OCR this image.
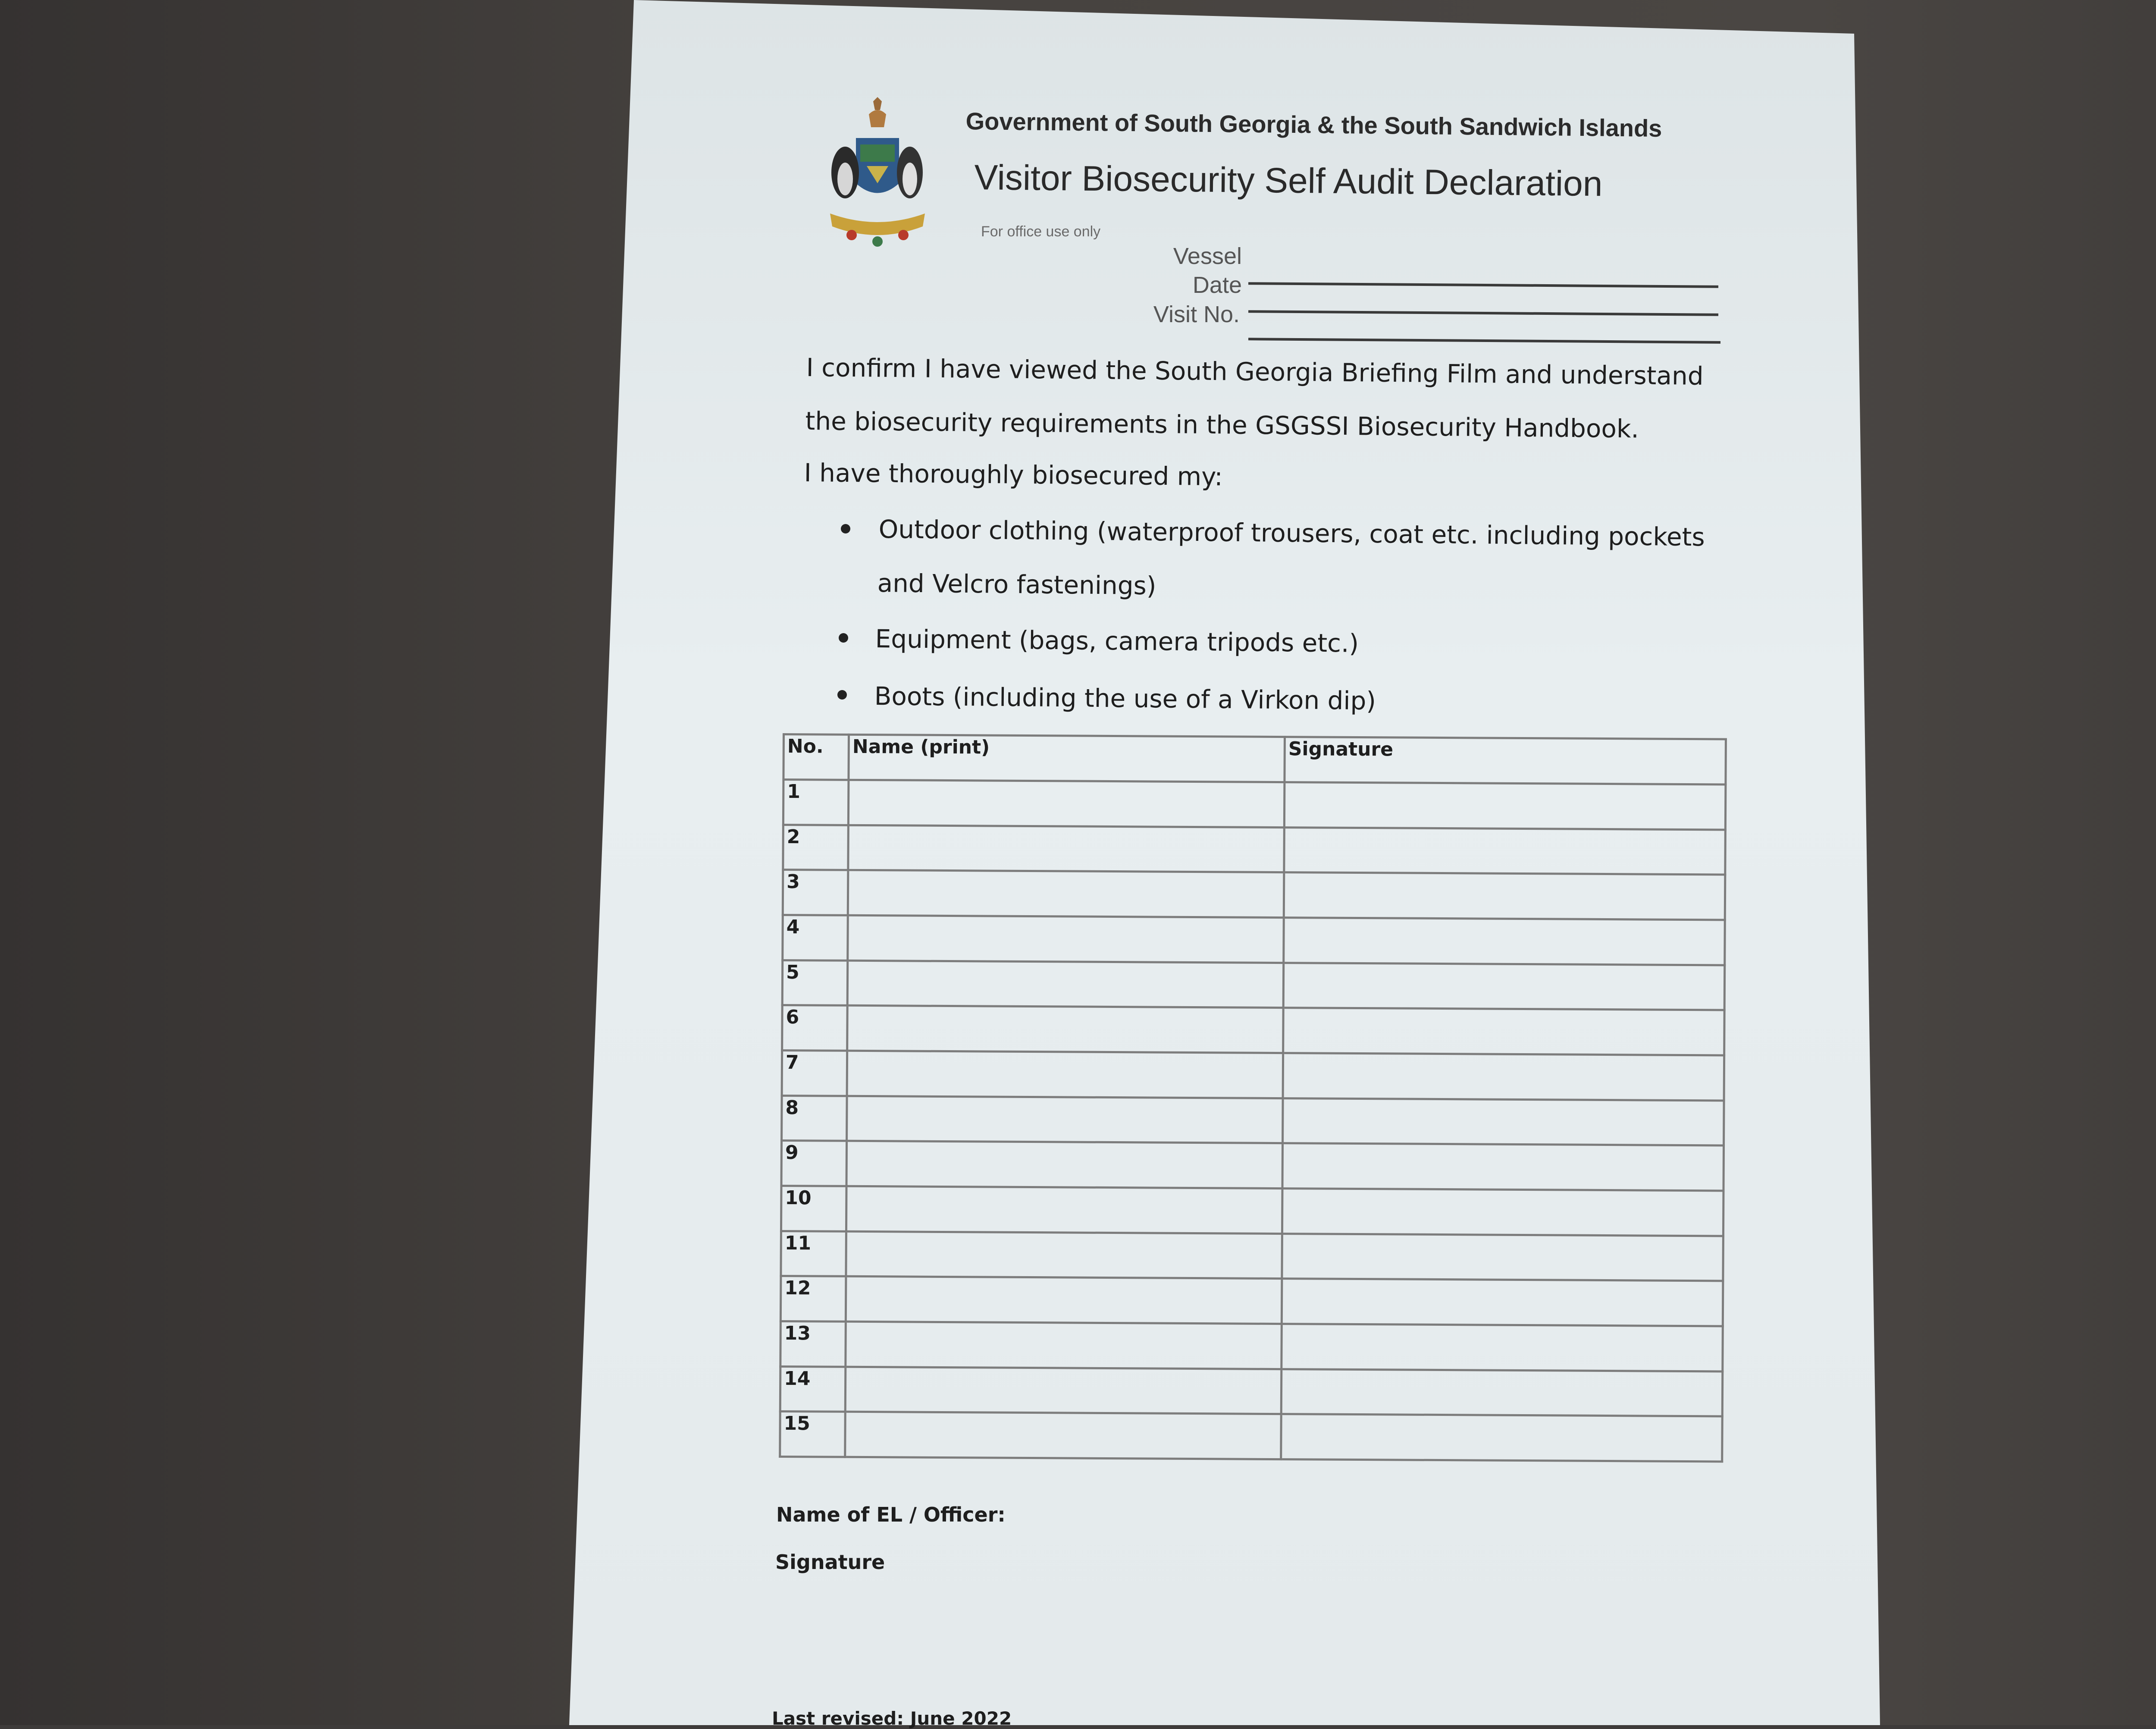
Government of South Georgia & the South Sandwich Islands
Visitor Biosecurity Self Audit Declaration
For office use only
Vessel
Date
Visit No.
I confirm I have viewed the South Georgia Briefing Film and understand
the biosecurity requirements in the GSGSSI Biosecurity Handbook.
I have thoroughly biosecured my:
Outdoor clothing (waterproof trousers, coat etc. including pockets
and Velcro fastenings)
Equipment (bags, camera tripods etc.)
Boots (including the use of a Virkon dip)
No.	Name (print)	Signature
1		
2		
3		
4		
5		
6		
7		
8		
9		
10		
11		
12		
13		
14		
15		
Name of EL / Officer:
Signature
Last revised: June 2022
